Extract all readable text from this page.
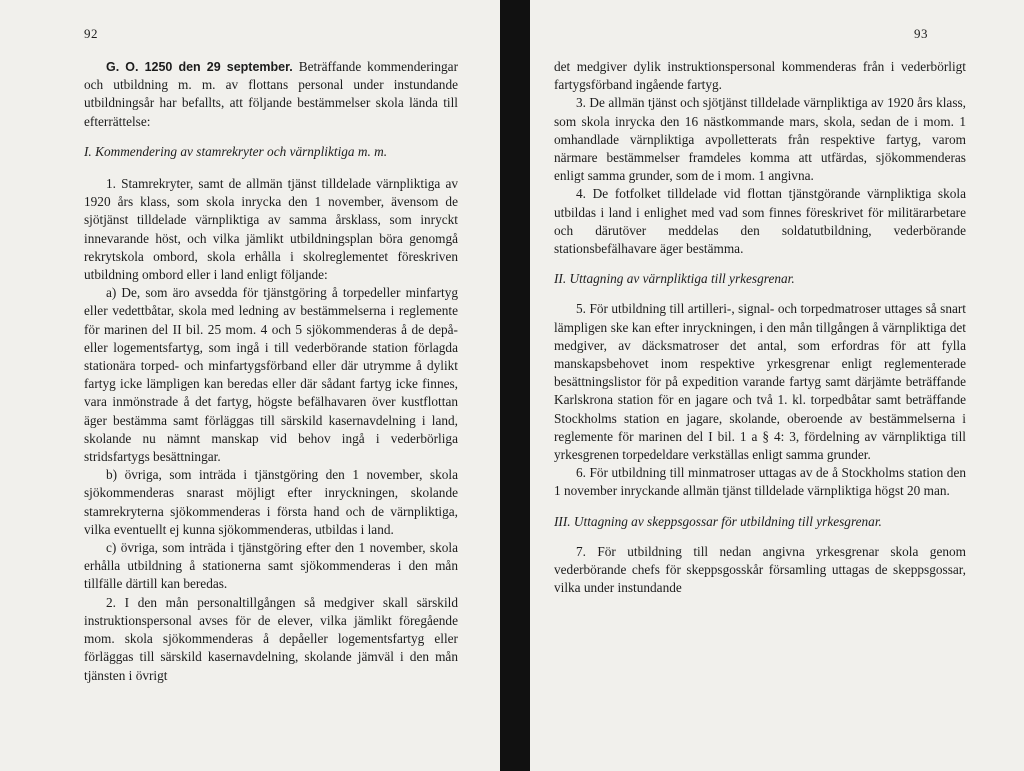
92

G. O. 1250 den 29 september. Beträffande kommenderingar och utbildning m. m. av flottans personal under instundande utbildningsår har befallts, att följande bestämmelser skola lända till efterrättelse:

I. Kommendering av stamrekryter och värnpliktiga m. m.

1. Stamrekryter, samt de allmän tjänst tilldelade värnpliktiga av 1920 års klass, som skola inrycka den 1 november, ävensom de sjötjänst tilldelade värnpliktiga av samma årsklass, som inryckt innevarande höst, och vilka jämlikt utbildningsplan böra genomgå rekrytskola ombord, skola erhålla i skolreglementet föreskriven utbildning ombord eller i land enligt följande:

a) De, som äro avsedda för tjänstgöring å torpedeller minfartyg eller vedettbåtar, skola med ledning av bestämmelserna i reglemente för marinen del II bil. 25 mom. 4 och 5 sjökommenderas å de depå- eller logementsfartyg, som ingå i till vederbörande station förlagda stationära torped- och minfartygsförband eller där utrymme å dylikt fartyg icke lämpligen kan beredas eller där sådant fartyg icke finnes, vara inmönstrade å det fartyg, högste befälhavaren över kustflottan äger bestämma samt förläggas till särskild kasernavdelning i land, skolande nu nämnt manskap vid behov ingå i vederbörliga stridsfartygs besättningar.

b) övriga, som inträda i tjänstgöring den 1 november, skola sjökommenderas snarast möjligt efter inryckningen, skolande stamrekryterna sjökommenderas i första hand och de värnpliktiga, vilka eventuellt ej kunna sjökommenderas, utbildas i land.

c) övriga, som inträda i tjänstgöring efter den 1 november, skola erhålla utbildning å stationerna samt sjökommenderas i den mån tillfälle därtill kan beredas.

2. I den mån personaltillgången så medgiver skall särskild instruktionspersonal avses för de elever, vilka jämlikt föregående mom. skola sjökommenderas å depåeller logementsfartyg eller förläggas till särskild kasernavdelning, skolande jämväl i den mån tjänsten i övrigt

93

det medgiver dylik instruktionspersonal kommenderas från i vederbörligt fartygsförband ingående fartyg.

3. De allmän tjänst och sjötjänst tilldelade värnpliktiga av 1920 års klass, som skola inrycka den 16 nästkommande mars, skola, sedan de i mom. 1 omhandlade värnpliktiga avpolletterats från respektive fartyg, varom närmare bestämmelser framdeles komma att utfärdas, sjökommenderas enligt samma grunder, som de i mom. 1 angivna.

4. De fotfolket tilldelade vid flottan tjänstgörande värnpliktiga skola utbildas i land i enlighet med vad som finnes föreskrivet för militärarbetare och därutöver meddelas den soldatutbildning, vederbörande stationsbefälhavare äger bestämma.

II. Uttagning av värnpliktiga till yrkesgrenar.

5. För utbildning till artilleri-, signal- och torpedmatroser uttages så snart lämpligen ske kan efter inryckningen, i den mån tillgången å värnpliktiga det medgiver, av däcksmatroser det antal, som erfordras för att fylla manskapsbehovet inom respektive yrkesgrenar enligt reglementerade besättningslistor för på expedition varande fartyg samt därjämte beträffande Karlskrona station för en jagare och två 1. kl. torpedbåtar samt beträffande Stockholms station en jagare, skolande, oberoende av bestämmelserna i reglemente för marinen del I bil. 1 a § 4: 3, fördelning av värnpliktiga till yrkesgrenen torpedeldare verkställas enligt samma grunder.

6. För utbildning till minmatroser uttagas av de å Stockholms station den 1 november inryckande allmän tjänst tilldelade värnpliktiga högst 20 man.

III. Uttagning av skeppsgossar för utbildning till yrkesgrenar.

7. För utbildning till nedan angivna yrkesgrenar skola genom vederbörande chefs för skeppsgosskår församling uttagas de skeppsgossar, vilka under instundande
